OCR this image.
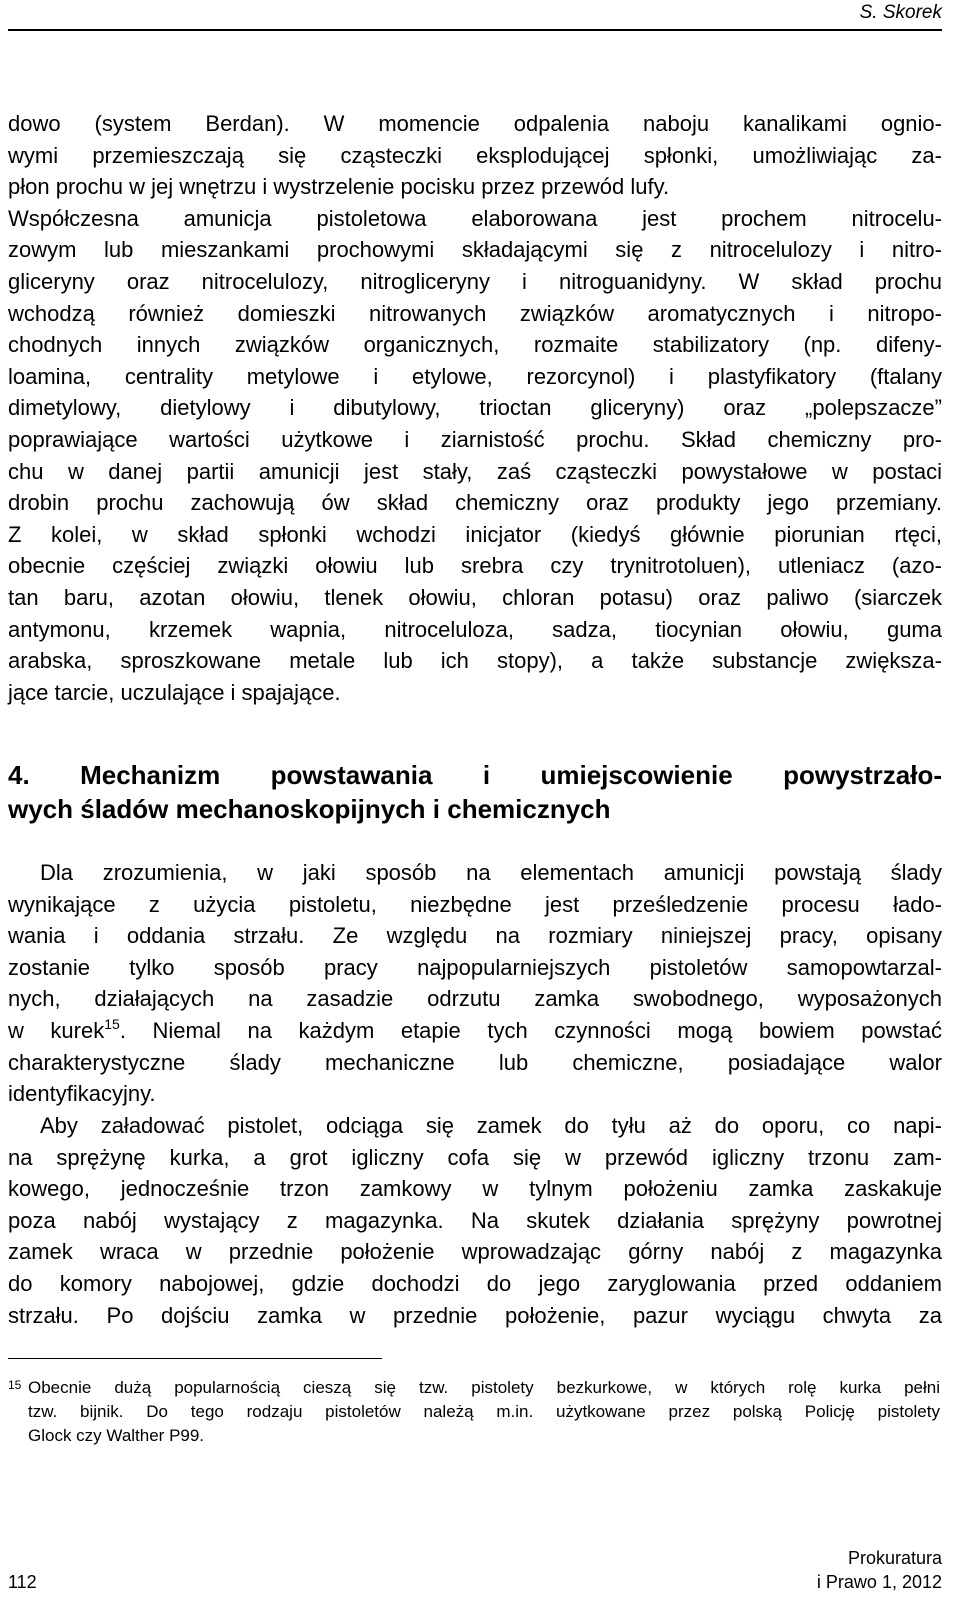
S. Skorek

dowo (system Berdan). W momencie odpalenia naboju kanalikami ognio-
wymi przemieszczają się cząsteczki eksplodującej spłonki, umożliwiając za-
płon prochu w jej wnętrzu i wystrzelenie pocisku przez przewód lufy.
Współczesna amunicja pistoletowa elaborowana jest prochem nitrocelu-
zowym lub mieszankami prochowymi składającymi się z nitrocelulozy i nitro-
gliceryny oraz nitrocelulozy, nitrogliceryny i nitroguanidyny. W skład prochu
wchodzą również domieszki nitrowanych związków aromatycznych i nitropo-
chodnych innych związków organicznych, rozmaite stabilizatory (np. difeny-
loamina, centrality metylowe i etylowe, rezorcynol) i plastyfikatory (ftalany
dimetylowy, dietylowy i dibutylowy, trioctan gliceryny) oraz „polepszacze”
poprawiające wartości użytkowe i ziarnistość prochu. Skład chemiczny pro-
chu w danej partii amunicji jest stały, zaś cząsteczki powystałowe w postaci
drobin prochu zachowują ów skład chemiczny oraz produkty jego przemiany.
Z kolei, w skład spłonki wchodzi inicjator (kiedyś głównie piorunian rtęci,
obecnie częściej związki ołowiu lub srebra czy trynitrotoluen), utleniacz (azo-
tan baru, azotan ołowiu, tlenek ołowiu, chloran potasu) oraz paliwo (siarczek
antymonu, krzemek wapnia, nitroceluloza, sadza, tiocynian ołowiu, guma
arabska, sproszkowane metale lub ich stopy), a także substancje zwiększa-
jące tarcie, uczulające i spajające.

4. Mechanizm powstawania i umiejscowienie powystrzało-
wych śladów mechanoskopijnych i chemicznych

Dla zrozumienia, w jaki sposób na elementach amunicji powstają ślady
wynikające z użycia pistoletu, niezbędne jest prześledzenie procesu łado-
wania i oddania strzału. Ze względu na rozmiary niniejszej pracy, opisany
zostanie tylko sposób pracy najpopularniejszych pistoletów samopowtarzal-
nych, działających na zasadzie odrzutu zamka swobodnego, wyposażonych
w kurek$^{15}$. Niemal na każdym etapie tych czynności mogą bowiem powstać
charakterystyczne ślady mechaniczne lub chemiczne, posiadające walor
identyfikacyjny.

Aby załadować pistolet, odciąga się zamek do tyłu aż do oporu, co napi-
na sprężynę kurka, a grot igliczny cofa się w przewód igliczny trzonu zam-
kowego, jednocześnie trzon zamkowy w tylnym położeniu zamka zaskakuje
poza nabój wystający z magazynka. Na skutek działania sprężyny powrotnej
zamek wraca w przednie położenie wprowadzając górny nabój z magazynka
do komory nabojowej, gdzie dochodzi do jego zaryglowania przed oddaniem
strzału. Po dojściu zamka w przednie położenie, pazur wyciągu chwyta za

15 Obecnie dużą popularnością cieszą się tzw. pistolety bezkurkowe, w których rolę kurka pełni
tzw. bijnik. Do tego rodzaju pistoletów należą m.in. użytkowane przez polską Policję pistolety
Glock czy Walther P99.
112
Prokuratura
i Prawo 1, 2012
